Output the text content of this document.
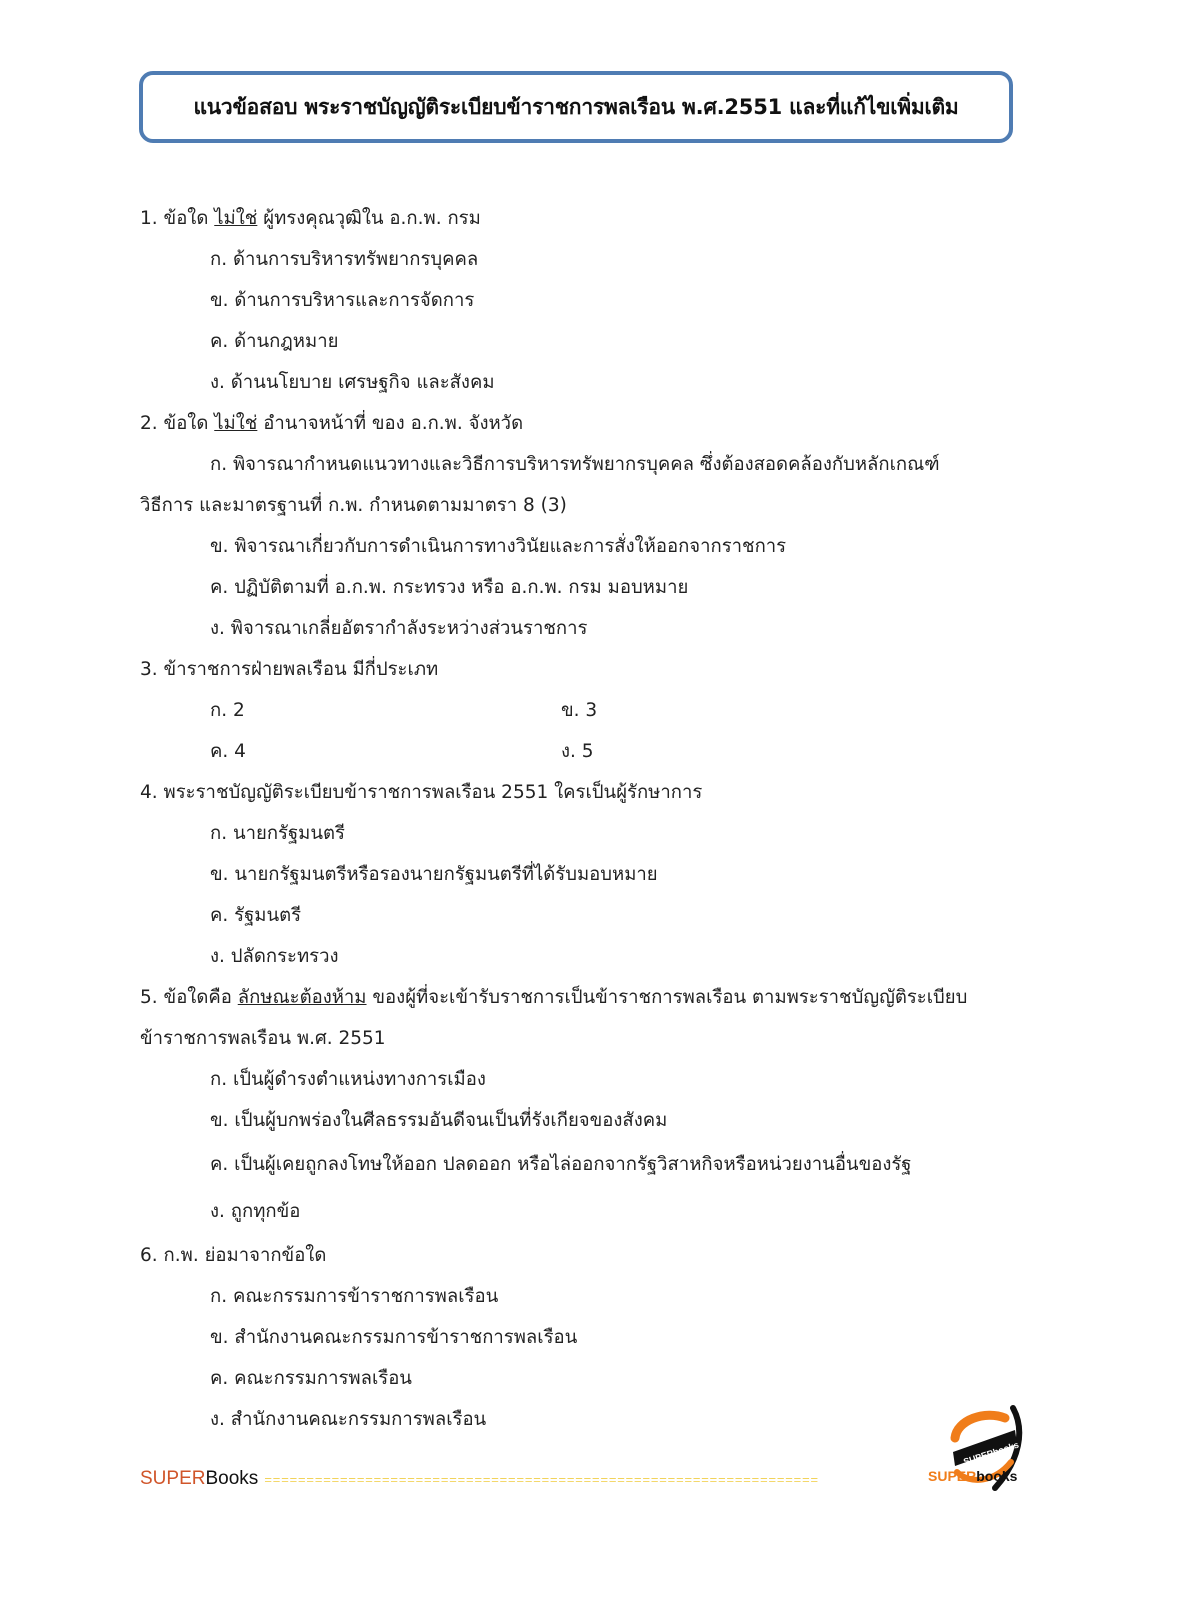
แนวข้อสอบ พระราชบัญญัติระเบียบข้าราชการพลเรือน พ.ศ.2551 และที่แก้ไขเพิ่มเติม
1. ข้อใด ไม่ใช่ ผู้ทรงคุณวุฒิใน อ.ก.พ. กรม
ก. ด้านการบริหารทรัพยากรบุคคล
ข. ด้านการบริหารและการจัดการ
ค. ด้านกฎหมาย
ง. ด้านนโยบาย เศรษฐกิจ และสังคม
2. ข้อใด ไม่ใช่ อำนาจหน้าที่ ของ อ.ก.พ. จังหวัด
ก. พิจารณากำหนดแนวทางและวิธีการบริหารทรัพยากรบุคคล ซึ่งต้องสอดคล้องกับหลักเกณฑ์
วิธีการ และมาตรฐานที่ ก.พ. กำหนดตามมาตรา 8 (3)
ข. พิจารณาเกี่ยวกับการดำเนินการทางวินัยและการสั่งให้ออกจากราชการ
ค. ปฏิบัติตามที่ อ.ก.พ. กระทรวง หรือ อ.ก.พ. กรม มอบหมาย
ง. พิจารณาเกลี่ยอัตรากำลังระหว่างส่วนราชการ
3. ข้าราชการฝ่ายพลเรือน มีกี่ประเภท
ก. 2	ข. 3
ค. 4	ง. 5
4. พระราชบัญญัติระเบียบข้าราชการพลเรือน 2551 ใครเป็นผู้รักษาการ
ก. นายกรัฐมนตรี
ข. นายกรัฐมนตรีหรือรองนายกรัฐมนตรีที่ได้รับมอบหมาย
ค. รัฐมนตรี
ง. ปลัดกระทรวง
5. ข้อใดคือ ลักษณะต้องห้าม ของผู้ที่จะเข้ารับราชการเป็นข้าราชการพลเรือน ตามพระราชบัญญัติระเบียบ
ข้าราชการพลเรือน พ.ศ. 2551
ก. เป็นผู้ดำรงตำแหน่งทางการเมือง
ข. เป็นผู้บกพร่องในศีลธรรมอันดีจนเป็นที่รังเกียจของสังคม
ค. เป็นผู้เคยถูกลงโทษให้ออก ปลดออก หรือไล่ออกจากรัฐวิสาหกิจหรือหน่วยงานอื่นของรัฐ
ง. ถูกทุกข้อ
6. ก.พ. ย่อมาจากข้อใด
ก. คณะกรรมการข้าราชการพลเรือน
ข. สำนักงานคณะกรรมการข้าราชการพลเรือน
ค. คณะกรรมการพลเรือน
ง. สำนักงานคณะกรรมการพลเรือน
SUPERbooks
SUPERBooks ==================================================================	SUPERbooks
